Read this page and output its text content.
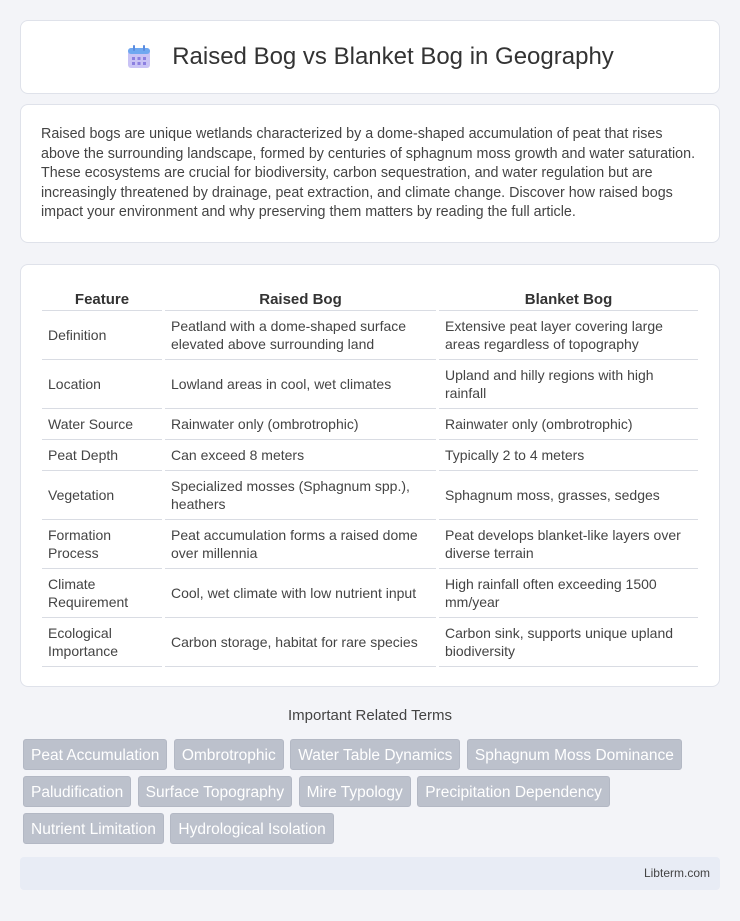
Raised Bog vs Blanket Bog in Geography

Raised bogs are unique wetlands characterized by a dome-shaped accumulation of peat that rises above the surrounding landscape, formed by centuries of sphagnum moss growth and water saturation. These ecosystems are crucial for biodiversity, carbon sequestration, and water regulation but are increasingly threatened by drainage, peat extraction, and climate change. Discover how raised bogs impact your environment and why preserving them matters by reading the full article.

Feature	Raised Bog	Blanket Bog
Definition	Peatland with a dome-shaped surface elevated above surrounding land	Extensive peat layer covering large areas regardless of topography
Location	Lowland areas in cool, wet climates	Upland and hilly regions with high rainfall
Water Source	Rainwater only (ombrotrophic)	Rainwater only (ombrotrophic)
Peat Depth	Can exceed 8 meters	Typically 2 to 4 meters
Vegetation	Specialized mosses (Sphagnum spp.), heathers	Sphagnum moss, grasses, sedges
Formation Process	Peat accumulation forms a raised dome over millennia	Peat develops blanket-like layers over diverse terrain
Climate Requirement	Cool, wet climate with low nutrient input	High rainfall often exceeding 1500 mm/year
Ecological Importance	Carbon storage, habitat for rare species	Carbon sink, supports unique upland biodiversity
Important Related Terms
Peat Accumulation Ombrotrophic Water Table Dynamics Sphagnum Moss Dominance Paludification Surface Topography Mire Typology Precipitation Dependency Nutrient Limitation Hydrological Isolation
Libterm.com
